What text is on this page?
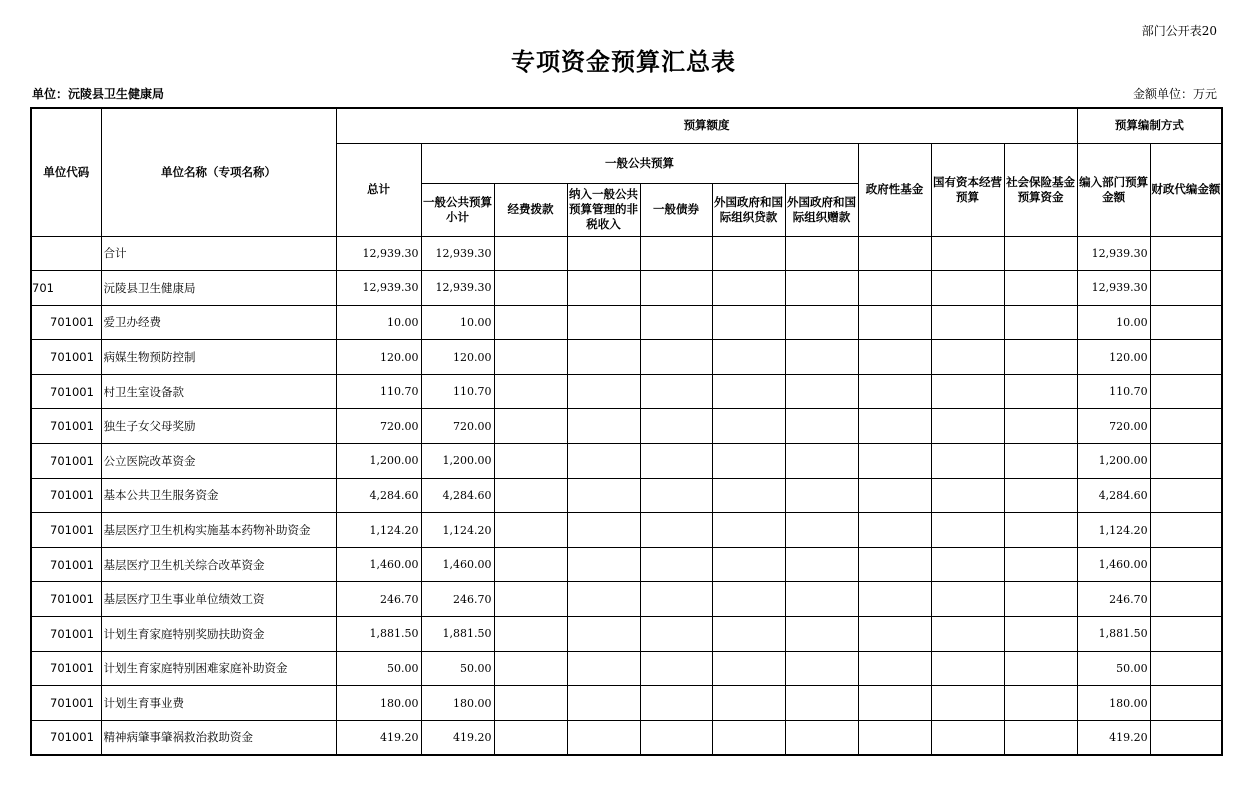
部门公开表20
专项资金预算汇总表
单位：沅陵县卫生健康局	金额单位：万元
单位代码	单位名称（专项名称）	预算额度										预算编制方式	
		总计	一般公共预算						政府性基金	国有资本经营预算	社会保险基金预算资金	编入部门预算金额	财政代编金额
			一般公共预算小计	经费拨款	纳入一般公共预算管理的非税收入	一般债券	外国政府和国际组织贷款	外国政府和国际组织赠款					
	合计	12,939.30	12,939.30									12,939.30	
701	沅陵县卫生健康局	12,939.30	12,939.30									12,939.30	
701001	爱卫办经费	10.00	10.00									10.00	
701001	病媒生物预防控制	120.00	120.00									120.00	
701001	村卫生室设备款	110.70	110.70									110.70	
701001	独生子女父母奖励	720.00	720.00									720.00	
701001	公立医院改革资金	1,200.00	1,200.00									1,200.00	
701001	基本公共卫生服务资金	4,284.60	4,284.60									4,284.60	
701001	基层医疗卫生机构实施基本药物补助资金	1,124.20	1,124.20									1,124.20	
701001	基层医疗卫生机关综合改革资金	1,460.00	1,460.00									1,460.00	
701001	基层医疗卫生事业单位绩效工资	246.70	246.70									246.70	
701001	计划生育家庭特别奖励扶助资金	1,881.50	1,881.50									1,881.50	
701001	计划生育家庭特别困难家庭补助资金	50.00	50.00									50.00	
701001	计划生育事业费	180.00	180.00									180.00	
701001	精神病肇事肇祸救治救助资金	419.20	419.20									419.20	
